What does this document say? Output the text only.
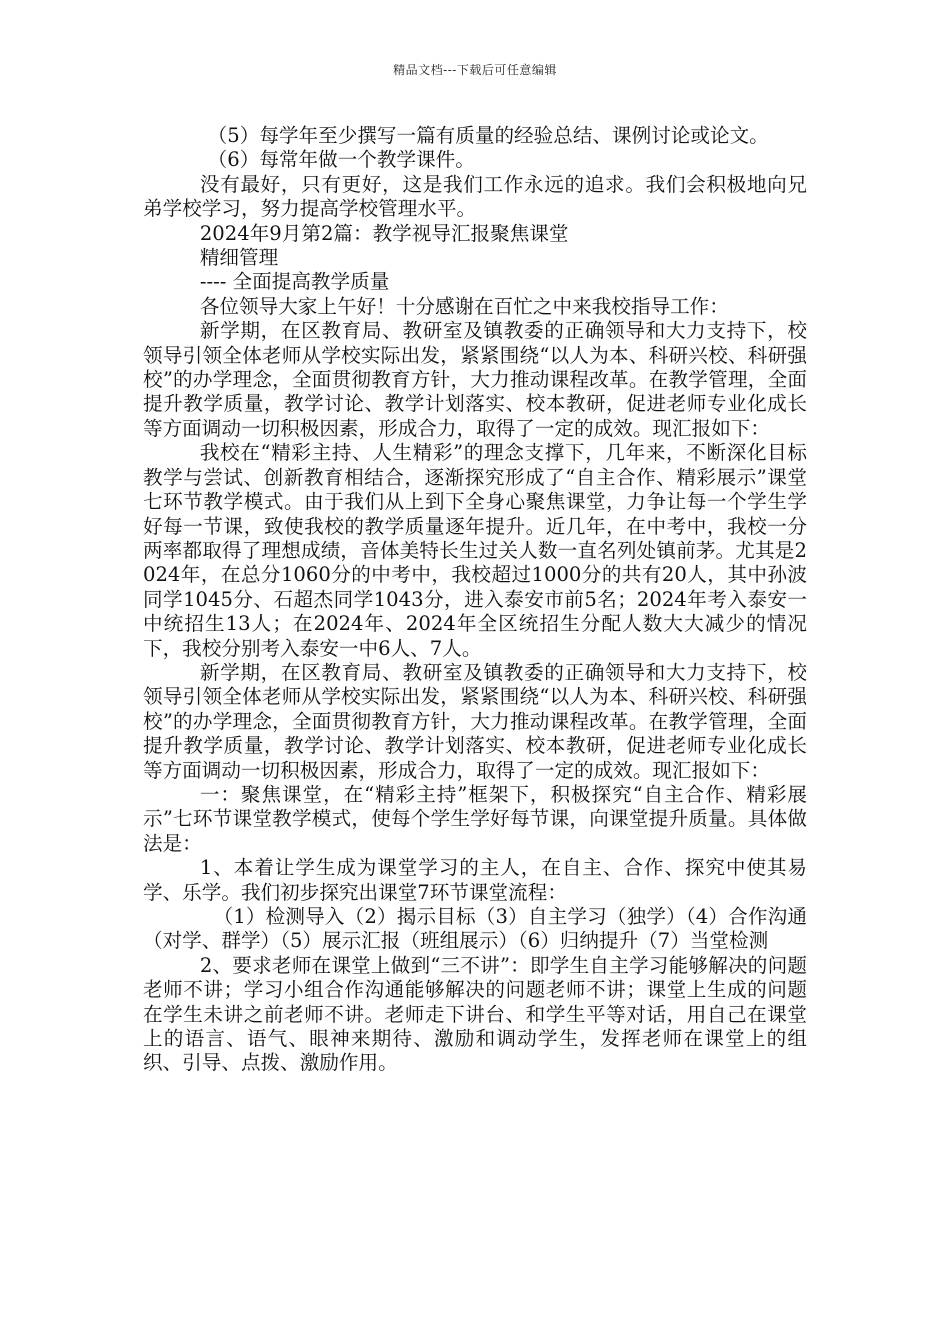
精品文档---下载后可任意编辑

（5）每学年至少撰写一篇有质量的经验总结、课例讨论或论文。

（6）每常年做一个教学课件。

没有最好，只有更好，这是我们工作永远的追求。我们会积极地向兄弟学校学习，努力提高学校管理水平。

2024年9月第2篇：教学视导汇报聚焦课堂

精细管理

---- 全面提高教学质量

各位领导大家上午好！十分感谢在百忙之中来我校指导工作：

新学期，在区教育局、教研室及镇教委的正确领导和大力支持下，校领导引领全体老师从学校实际出发，紧紧围绕“以人为本、科研兴校、科研强校”的办学理念，全面贯彻教育方针，大力推动课程改革。在教学管理，全面提升教学质量，教学讨论、教学计划落实、校本教研，促进老师专业化成长等方面调动一切积极因素，形成合力，取得了一定的成效。现汇报如下：

我校在“精彩主持、人生精彩”的理念支撑下，几年来，不断深化目标教学与尝试、创新教育相结合，逐渐探究形成了“自主合作、精彩展示”课堂七环节教学模式。由于我们从上到下全身心聚焦课堂，力争让每一个学生学好每一节课，致使我校的教学质量逐年提升。近几年，在中考中，我校一分两率都取得了理想成绩，音体美特长生过关人数一直名列处镇前茅。尤其是2024年，在总分1060分的中考中，我校超过1000分的共有20人，其中孙波同学1045分、石超杰同学1043分，进入泰安市前5名；2024年考入泰安一中统招生13人；在2024年、2024年全区统招生分配人数大大减少的情况下，我校分别考入泰安一中6人、7人。

新学期，在区教育局、教研室及镇教委的正确领导和大力支持下，校领导引领全体老师从学校实际出发，紧紧围绕“以人为本、科研兴校、科研强校”的办学理念，全面贯彻教育方针，大力推动课程改革。在教学管理，全面提升教学质量，教学讨论、教学计划落实、校本教研，促进老师专业化成长等方面调动一切积极因素，形成合力，取得了一定的成效。现汇报如下：

一：聚焦课堂，在“精彩主持”框架下，积极探究“自主合作、精彩展示”七环节课堂教学模式，使每个学生学好每节课，向课堂提升质量。具体做法是：

1、本着让学生成为课堂学习的主人，在自主、合作、探究中使其易学、乐学。我们初步探究出课堂7环节课堂流程：

（1）检测导入（2）揭示目标（3）自主学习（独学）（4）合作沟通（对学、群学）（5）展示汇报（班组展示）（6）归纳提升（7）当堂检测

2、要求老师在课堂上做到“三不讲”：即学生自主学习能够解决的问题老师不讲；学习小组合作沟通能够解决的问题老师不讲；课堂上生成的问题在学生未讲之前老师不讲。老师走下讲台、和学生平等对话，用自己在课堂上的语言、语气、眼神来期待、激励和调动学生，发挥老师在课堂上的组织、引导、点拨、激励作用。
